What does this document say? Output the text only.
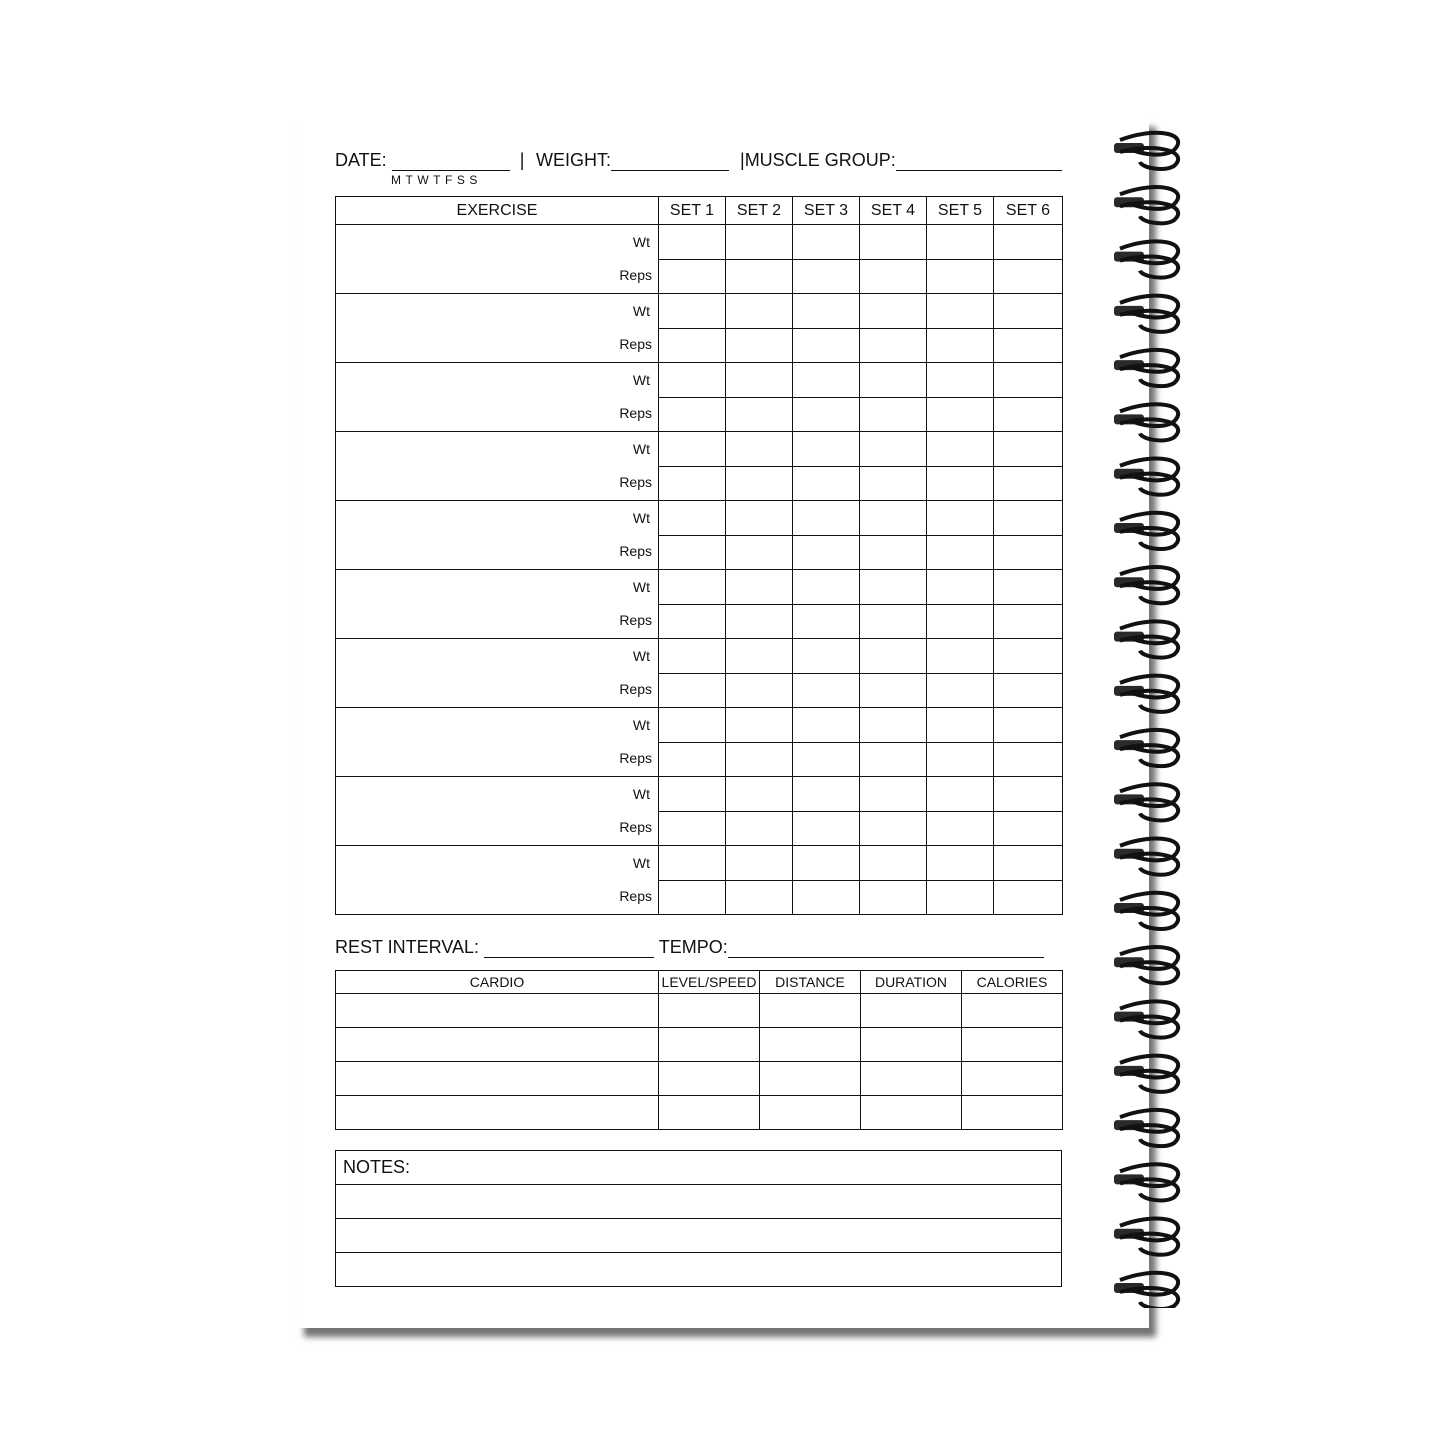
DATE:	| WEIGHT:	|MUSCLE GROUP:
MTWTFSS
EXERCISE	SET 1	SET 2	SET 3	SET 4	SET 5	SET 6

Wt
Reps						

Wt
Reps						

Wt
Reps						

Wt
Reps						

Wt
Reps						

Wt
Reps						

Wt
Reps						

Wt
Reps						

Wt
Reps						

Wt
Reps						

REST INTERVAL:	TEMPO:
CARDIO	LEVEL/SPEED	DISTANCE	DURATION	CALORIES

NOTES:
